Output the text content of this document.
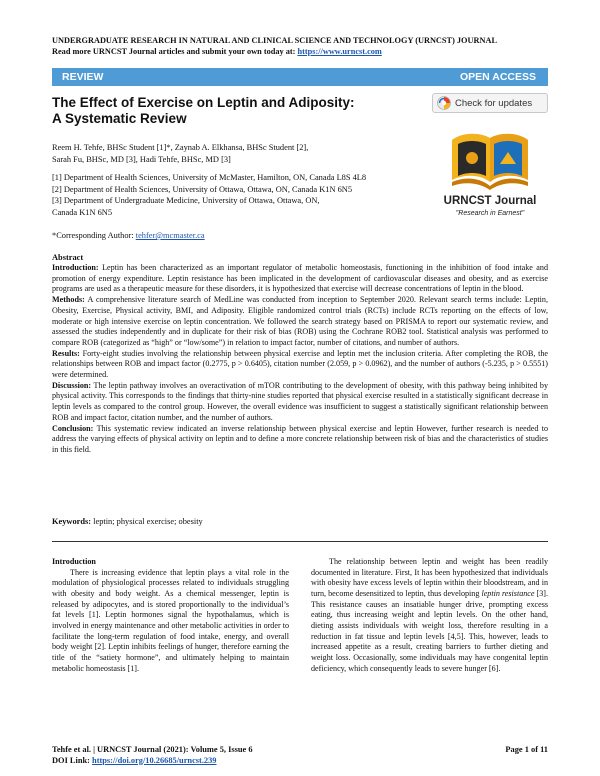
UNDERGRADUATE RESEARCH IN NATURAL AND CLINICAL SCIENCE AND TECHNOLOGY (URNCST) JOURNAL
Read more URNCST Journal articles and submit your own today at: https://www.urncst.com
REVIEW	OPEN ACCESS
The Effect of Exercise on Leptin and Adiposity:
A Systematic Review
Check for updates
URNCST Journal
"Research in Earnest"
Reem H. Tehfe, BHSc Student [1]*, Zaynab A. Elkhansa, BHSc Student [2],
Sarah Fu, BHSc, MD [3], Hadi Tehfe, BHSc, MD [3]
[1] Department of Health Sciences, University of McMaster, Hamilton, ON, Canada L8S 4L8
[2] Department of Health Sciences, University of Ottawa, Ottawa, ON, Canada K1N 6N5
[3] Department of Undergraduate Medicine, University of Ottawa, Ottawa, ON,
Canada K1N 6N5
*Corresponding Author: tehfer@mcmaster.ca
Abstract

Introduction: Leptin has been characterized as an important regulator of metabolic homeostasis, functioning in the inhibition of food intake and promotion of energy expenditure. Leptin resistance has been implicated in the development of cardiovascular diseases and obesity, and as exercise programs are used as a therapeutic measure for these disorders, it is hypothesized that exercise will decrease concentrations of leptin in the blood.

Methods: A comprehensive literature search of MedLine was conducted from inception to September 2020. Relevant search terms include: Leptin, Obesity, Exercise, Physical activity, BMI, and Adiposity. Eligible randomized control trials (RCTs) include RCTs reporting on the effects of low, moderate or high intensive exercise on leptin concentration. We followed the search strategy based on PRISMA to report our systematic review, and assessed the studies independently and in duplicate for their risk of bias (ROB) using the Cochrane ROB2 tool. Statistical analysis was performed to compare ROB (categorized as “high” or “low/some”) in relation to impact factor, number of citations, and number of authors.

Results: Forty-eight studies involving the relationship between physical exercise and leptin met the inclusion criteria. After completing the ROB, the relationships between ROB and impact factor (0.2775, p > 0.6405), citation number (2.059, p > 0.0962), and the number of authors (-5.235, p > 0.5551) were determined.

Discussion: The leptin pathway involves an overactivation of mTOR contributing to the development of obesity, with this pathway being inhibited by physical activity. This corresponds to the findings that thirty-nine studies reported that physical exercise resulted in a statistically significant decrease in leptin levels as compared to the control group. However, the overall evidence was insufficient to suggest a statistically significant relationship between ROB and impact factor, citation number, and the number of authors.

Conclusion: This systematic review indicated an inverse relationship between physical exercise and leptin However, further research is needed to address the varying effects of physical activity on leptin and to define a more concrete relationship between risk of bias and the characteristics of studies in this field.

Keywords: leptin; physical exercise; obesity
Introduction
There is increasing evidence that leptin plays a vital role in the modulation of physiological processes related to individuals struggling with obesity and body weight. As a chemical messenger, leptin is released by adipocytes, and is stored proportionally to the individual’s fat levels [1]. Leptin hormones signal the hypothalamus, which is involved in energy maintenance and other metabolic activities in order to facilitate the long-term regulation of food intake, energy, and overall body weight [2]. Leptin inhibits feelings of hunger, therefore earning the title of the “satiety hormone”, and ultimately helping to maintain metabolic homeostasis [1].
The relationship between leptin and weight has been readily documented in literature. First, It has been hypothesized that individuals with obesity have excess levels of leptin within their bloodstream, and in turn, become desensitized to leptin, thus developing leptin resistance [3]. This resistance causes an insatiable hunger drive, prompting excess eating, thus increasing weight and leptin levels. On the other hand, dieting assists individuals with weight loss, therefore resulting in a reduction in fat tissue and leptin levels [4,5]. This, however, leads to increased appetite as a result, creating barriers to further dieting and weight loss. Occasionally, some individuals may have congenital leptin deficiency, which consequently leads to severe hunger [6].
Tehfe et al. | URNCST Journal (2021): Volume 5, Issue 6
DOI Link: https://doi.org/10.26685/urncst.239
Page 1 of 11
